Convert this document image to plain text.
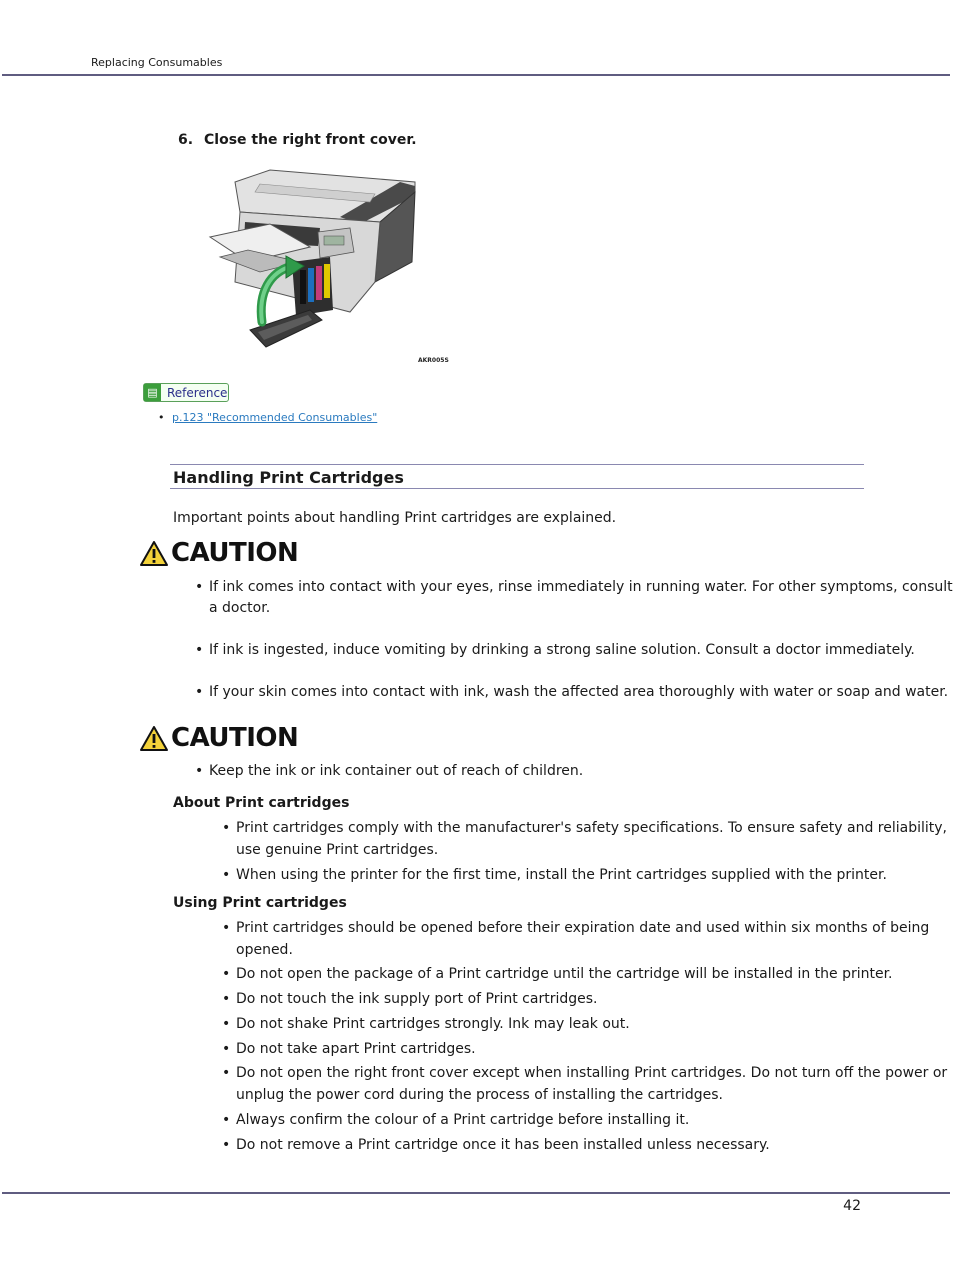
Replacing Consumables
6. Close the right front cover.
AKR005S
▤ Reference
• p.123 "Recommended Consumables"
Handling Print Cartridges
Important points about handling Print cartridges are explained.
CAUTION
• If ink comes into contact with your eyes, rinse immediately in running water. For other symptoms, consult
a doctor.
• If ink is ingested, induce vomiting by drinking a strong saline solution. Consult a doctor immediately.
• If your skin comes into contact with ink, wash the affected area thoroughly with water or soap and water.
CAUTION
• Keep the ink or ink container out of reach of children.
About Print cartridges
• Print cartridges comply with the manufacturer's safety specifications. To ensure safety and reliability,
use genuine Print cartridges.
• When using the printer for the first time, install the Print cartridges supplied with the printer.
Using Print cartridges
• Print cartridges should be opened before their expiration date and used within six months of being
opened.
• Do not open the package of a Print cartridge until the cartridge will be installed in the printer.
• Do not touch the ink supply port of Print cartridges.
• Do not shake Print cartridges strongly. Ink may leak out.
• Do not take apart Print cartridges.
• Do not open the right front cover except when installing Print cartridges. Do not turn off the power or
unplug the power cord during the process of installing the cartridges.
• Always confirm the colour of a Print cartridge before installing it.
• Do not remove a Print cartridge once it has been installed unless necessary.
42
